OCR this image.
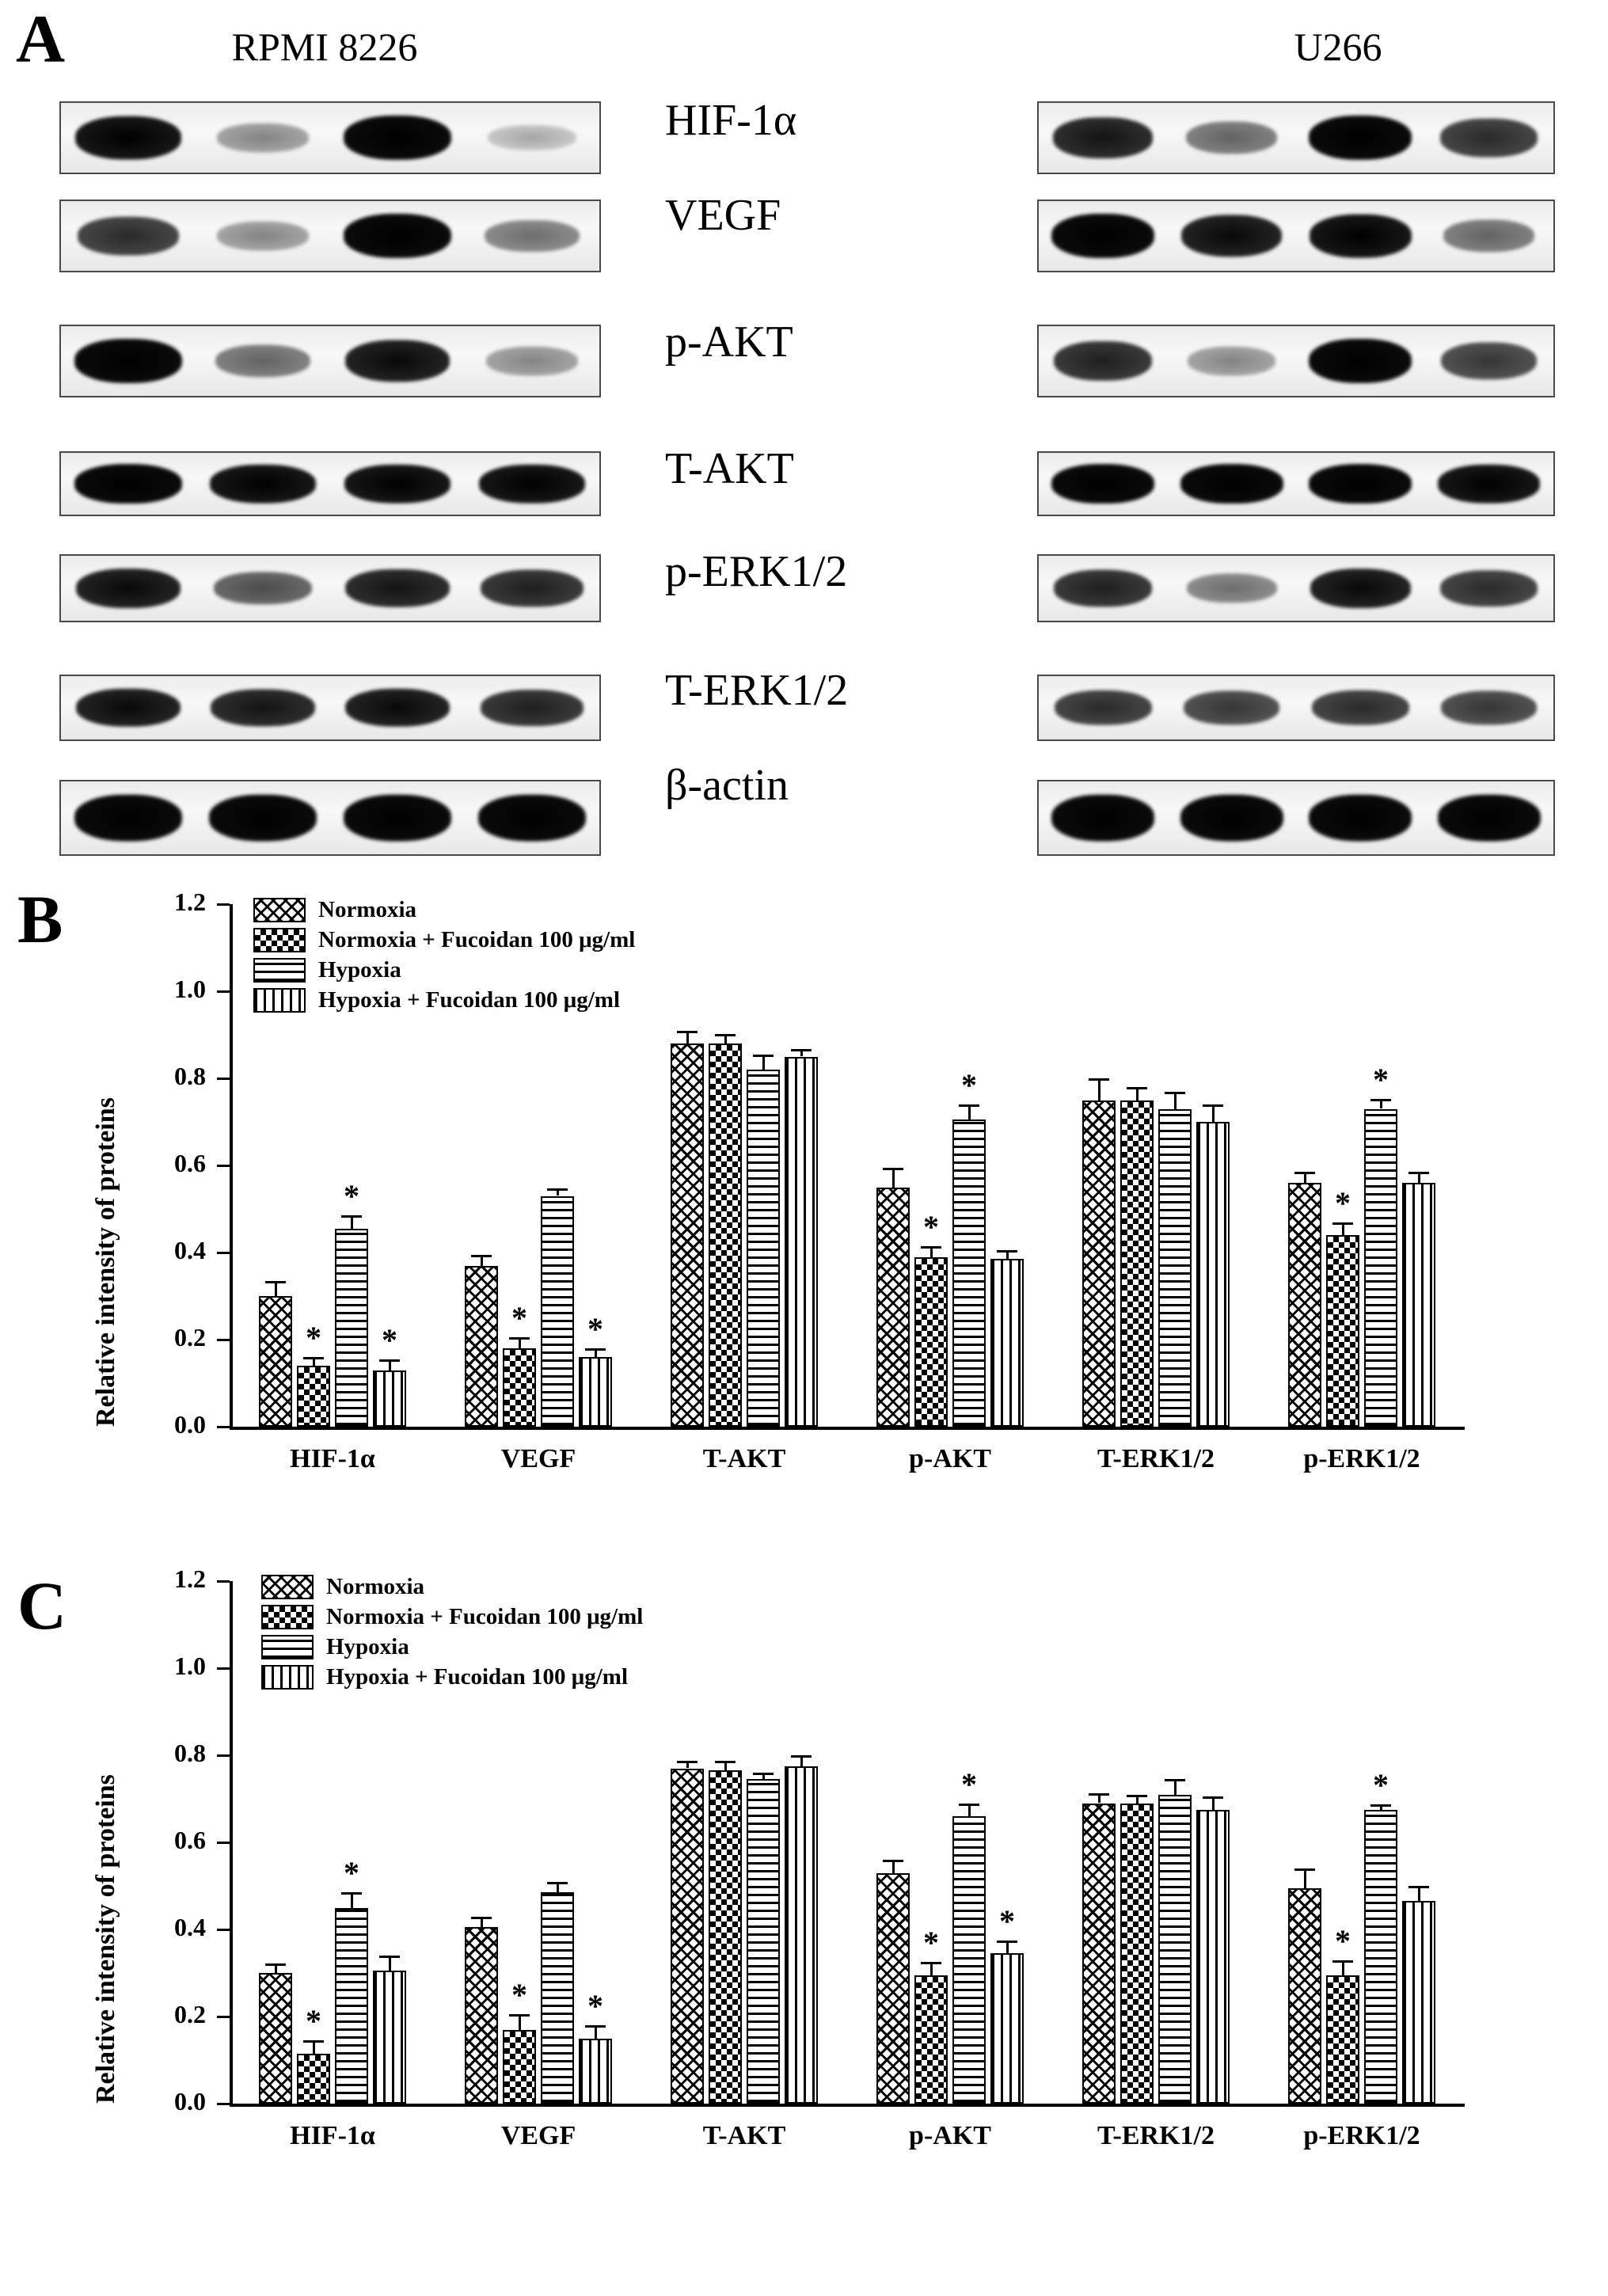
A	RPMI 8226	U266
HIF-1α
VEGF
p-AKT
T-AKT
p-ERK1/2
T-ERK1/2
β-actin
B
0.0
0.2
0.4
0.6
0.8
1.0
1.2
Relative intensity of proteins
Normoxia
Normoxia + Fucoidan 100 μg/ml
Hypoxia
Hypoxia + Fucoidan 100 μg/ml
*
*
*
HIF-1α
* *
VEGF	T-AKT
*
*
p-AKT	T-ERK1/2
*
*
p-ERK1/2
C
0.0
0.2
0.4
0.6
0.8
1.0
1.2
Relative intensity of proteins
Normoxia
Normoxia + Fucoidan 100 μg/ml
Hypoxia
Hypoxia + Fucoidan 100 μg/ml
*
*
HIF-1α
* *
VEGF	T-AKT
*
*
*
p-AKT	T-ERK1/2
*
*
p-ERK1/2
